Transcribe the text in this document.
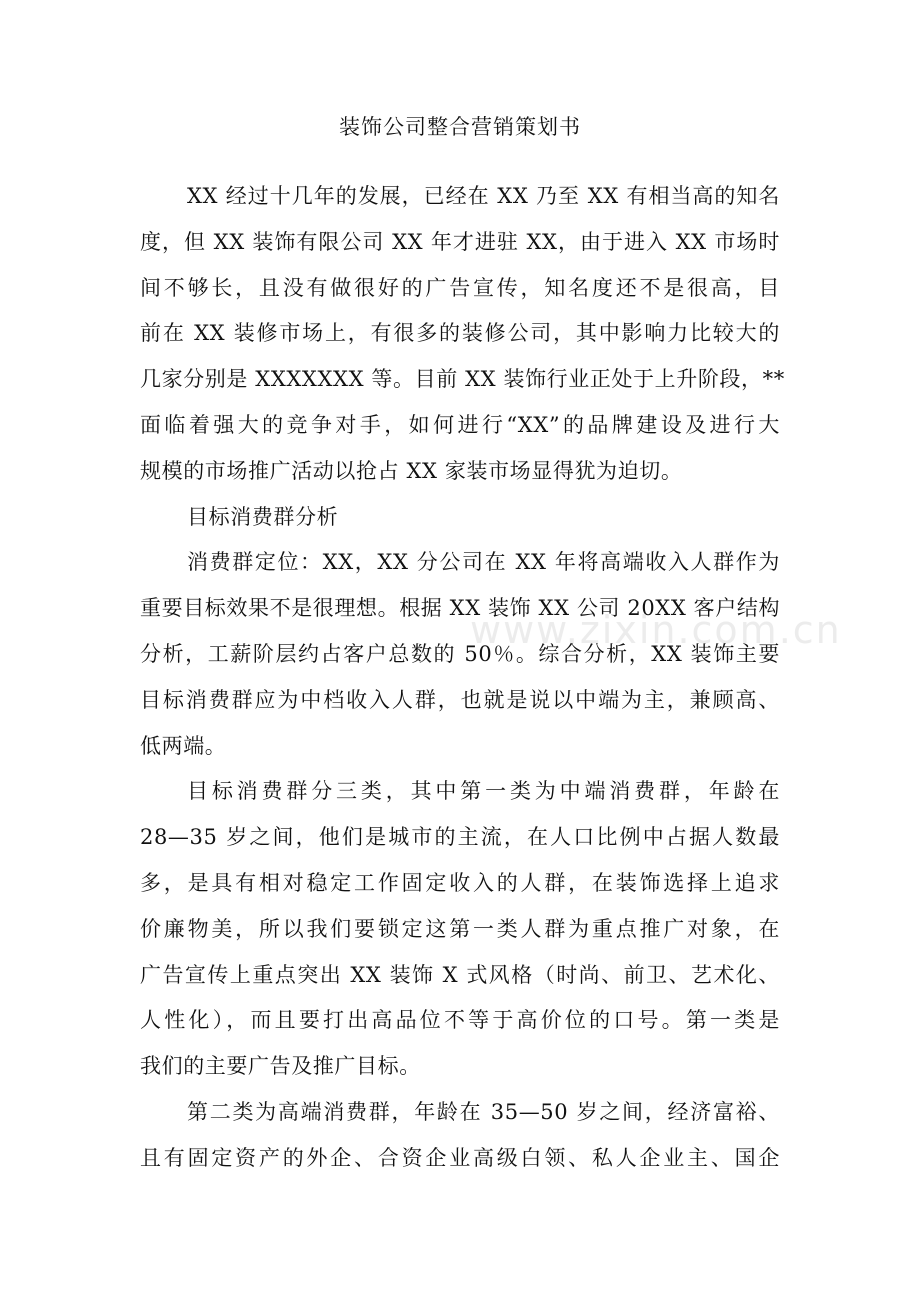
装饰公司整合营销策划书
XX 经过十几年的发展，已经在 XX 乃至 XX 有相当高的知名
度，但 XX 装饰有限公司 XX 年才进驻 XX，由于进入 XX 市场时
间不够长，且没有做很好的广告宣传，知名度还不是很高，目
前在 XX 装修市场上，有很多的装修公司，其中影响力比较大的
几家分别是 XXXXXXX 等。目前 XX 装饰行业正处于上升阶段，**
面临着强大的竞争对手，如何进行“XX”的品牌建设及进行大
规模的市场推广活动以抢占 XX 家装市场显得犹为迫切。
目标消费群分析
消费群定位：XX，XX 分公司在 XX 年将高端收入人群作为
重要目标效果不是很理想。根据 XX 装饰 XX 公司 20XX 客户结构
分析，工薪阶层约占客户总数的 50％。综合分析，XX 装饰主要
目标消费群应为中档收入人群，也就是说以中端为主，兼顾高、
低两端。
目标消费群分三类，其中第一类为中端消费群，年龄在
28—35 岁之间，他们是城市的主流，在人口比例中占据人数最
多，是具有相对稳定工作固定收入的人群，在装饰选择上追求
价廉物美，所以我们要锁定这第一类人群为重点推广对象，在
广告宣传上重点突出 XX 装饰 X 式风格（时尚、前卫、艺术化、
人性化），而且要打出高品位不等于高价位的口号。第一类是
我们的主要广告及推广目标。
第二类为高端消费群，年龄在 35—50 岁之间，经济富裕、
且有固定资产的外企、合资企业高级白领、私人企业主、国企
www.zixin.com.cn
